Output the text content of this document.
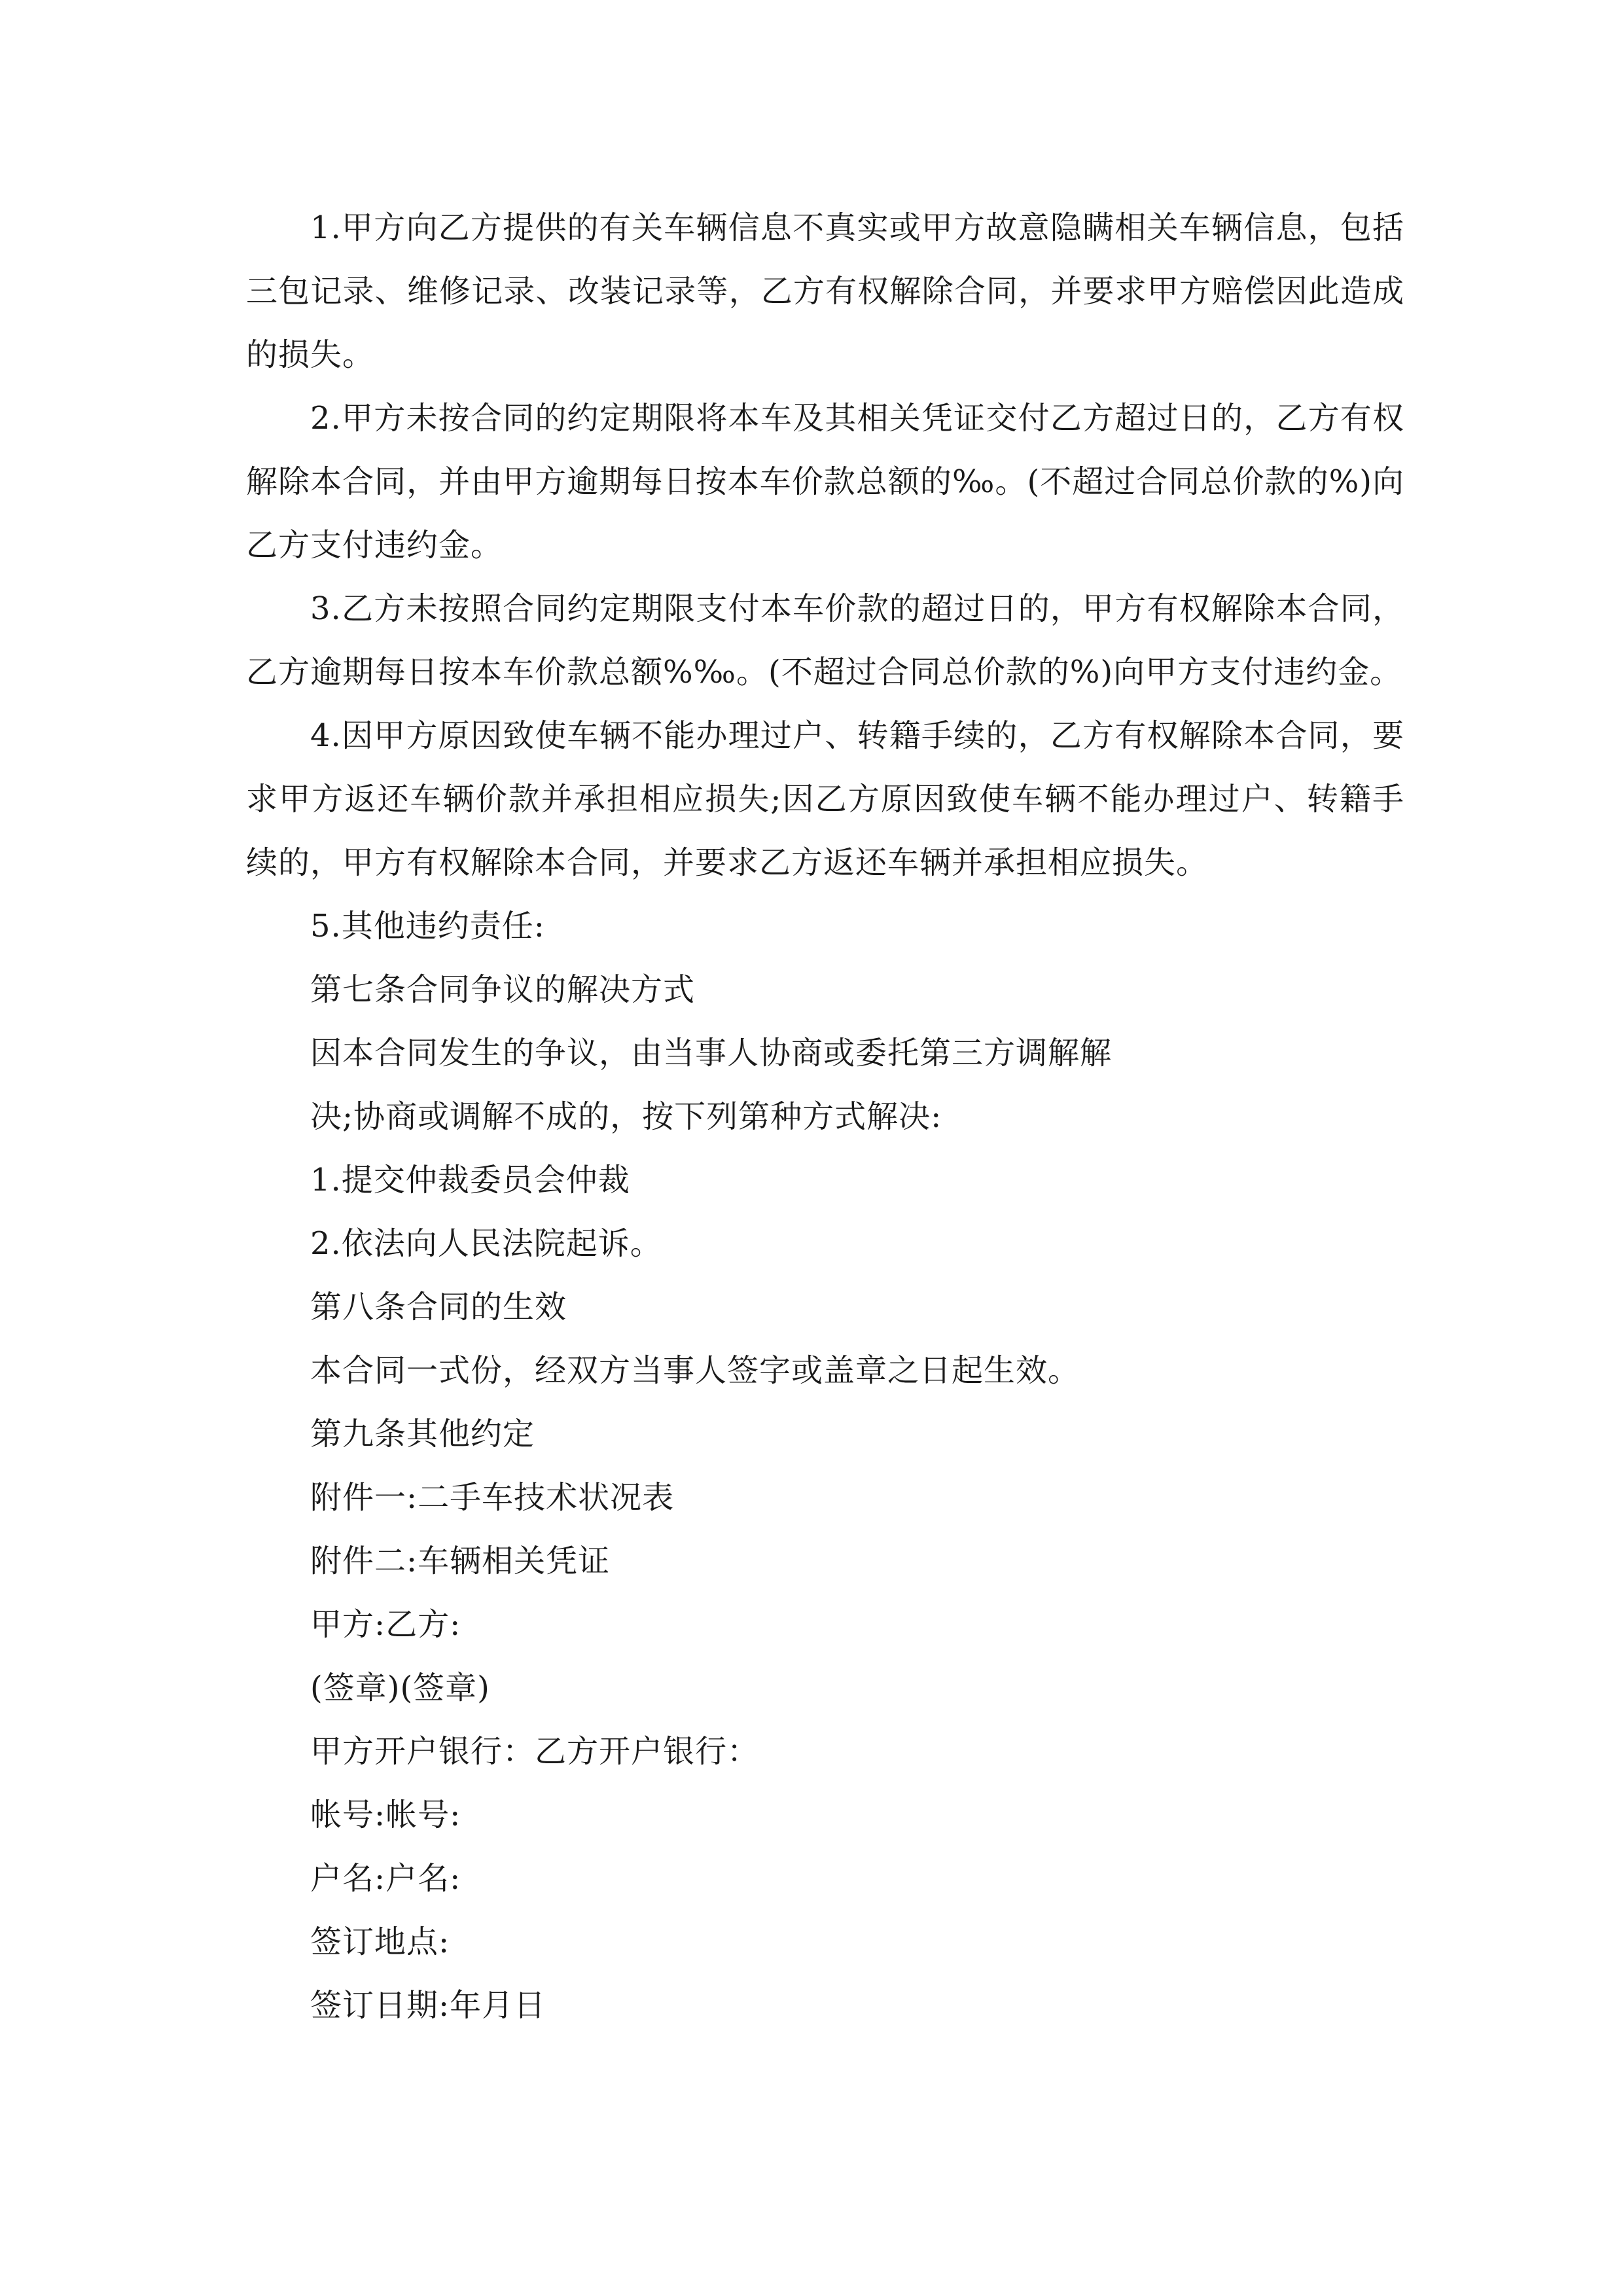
1.甲方向乙方提供的有关车辆信息不真实或甲方故意隐瞒相关车辆信息，包括三包记录、维修记录、改装记录等，乙方有权解除合同，并要求甲方赔偿因此造成的损失。

2.甲方未按合同的约定期限将本车及其相关凭证交付乙方超过日的，乙方有权解除本合同，并由甲方逾期每日按本车价款总额的‰。(不超过合同总价款的%)向乙方支付违约金。

3.乙方未按照合同约定期限支付本车价款的超过日的，甲方有权解除本合同，乙方逾期每日按本车价款总额%‰。(不超过合同总价款的%)向甲方支付违约金。

4.因甲方原因致使车辆不能办理过户、转籍手续的，乙方有权解除本合同，要求甲方返还车辆价款并承担相应损失;因乙方原因致使车辆不能办理过户、转籍手续的，甲方有权解除本合同，并要求乙方返还车辆并承担相应损失。

5.其他违约责任:

第七条合同争议的解决方式

因本合同发生的争议，由当事人协商或委托第三方调解解

决;协商或调解不成的，按下列第种方式解决:

1.提交仲裁委员会仲裁

2.依法向人民法院起诉。

第八条合同的生效

本合同一式份，经双方当事人签字或盖章之日起生效。

第九条其他约定

附件一:二手车技术状况表

附件二:车辆相关凭证

甲方:乙方:

(签章)(签章)

甲方开户银行：乙方开户银行：

帐号:帐号:

户名:户名:

签订地点:

签订日期:年月日
